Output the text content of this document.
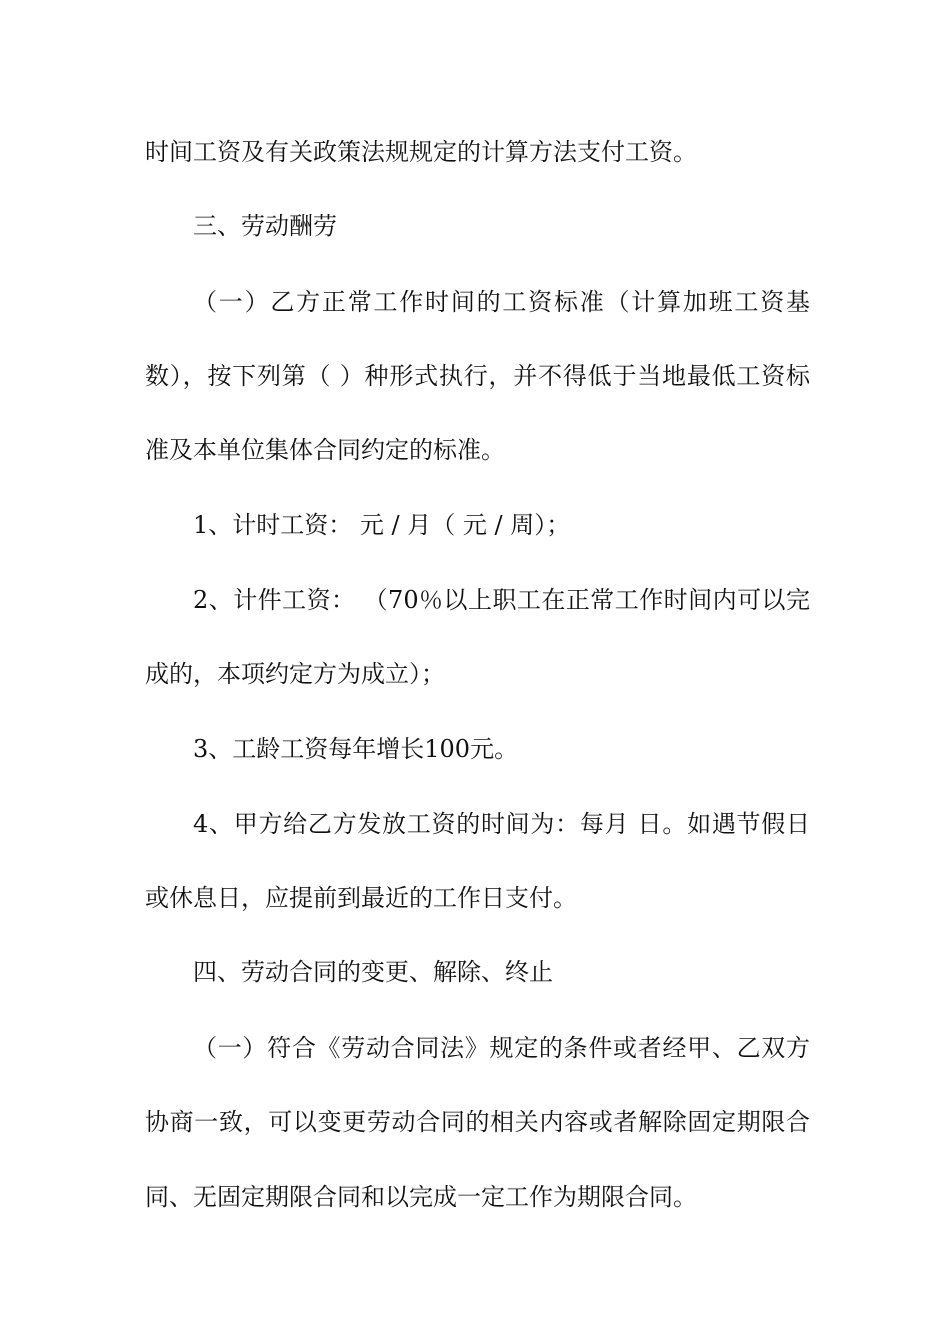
时间工资及有关政策法规规定的计算方法支付工资。
三、劳动酬劳
（一）乙方正常工作时间的工资标准（计算加班工资基
数），按下列第（ ）种形式执行，并不得低于当地最低工资标
准及本单位集体合同约定的标准。
1、计时工资： 元 / 月（ 元 / 周）；
2、计件工资： （70％以上职工在正常工作时间内可以完
成的，本项约定方为成立）；
3、工龄工资每年增长100元。
4、甲方给乙方发放工资的时间为：每月 日。如遇节假日
或休息日，应提前到最近的工作日支付。
四、劳动合同的变更、解除、终止
（一）符合《劳动合同法》规定的条件或者经甲、乙双方
协商一致，可以变更劳动合同的相关内容或者解除固定期限合
同、无固定期限合同和以完成一定工作为期限合同。
